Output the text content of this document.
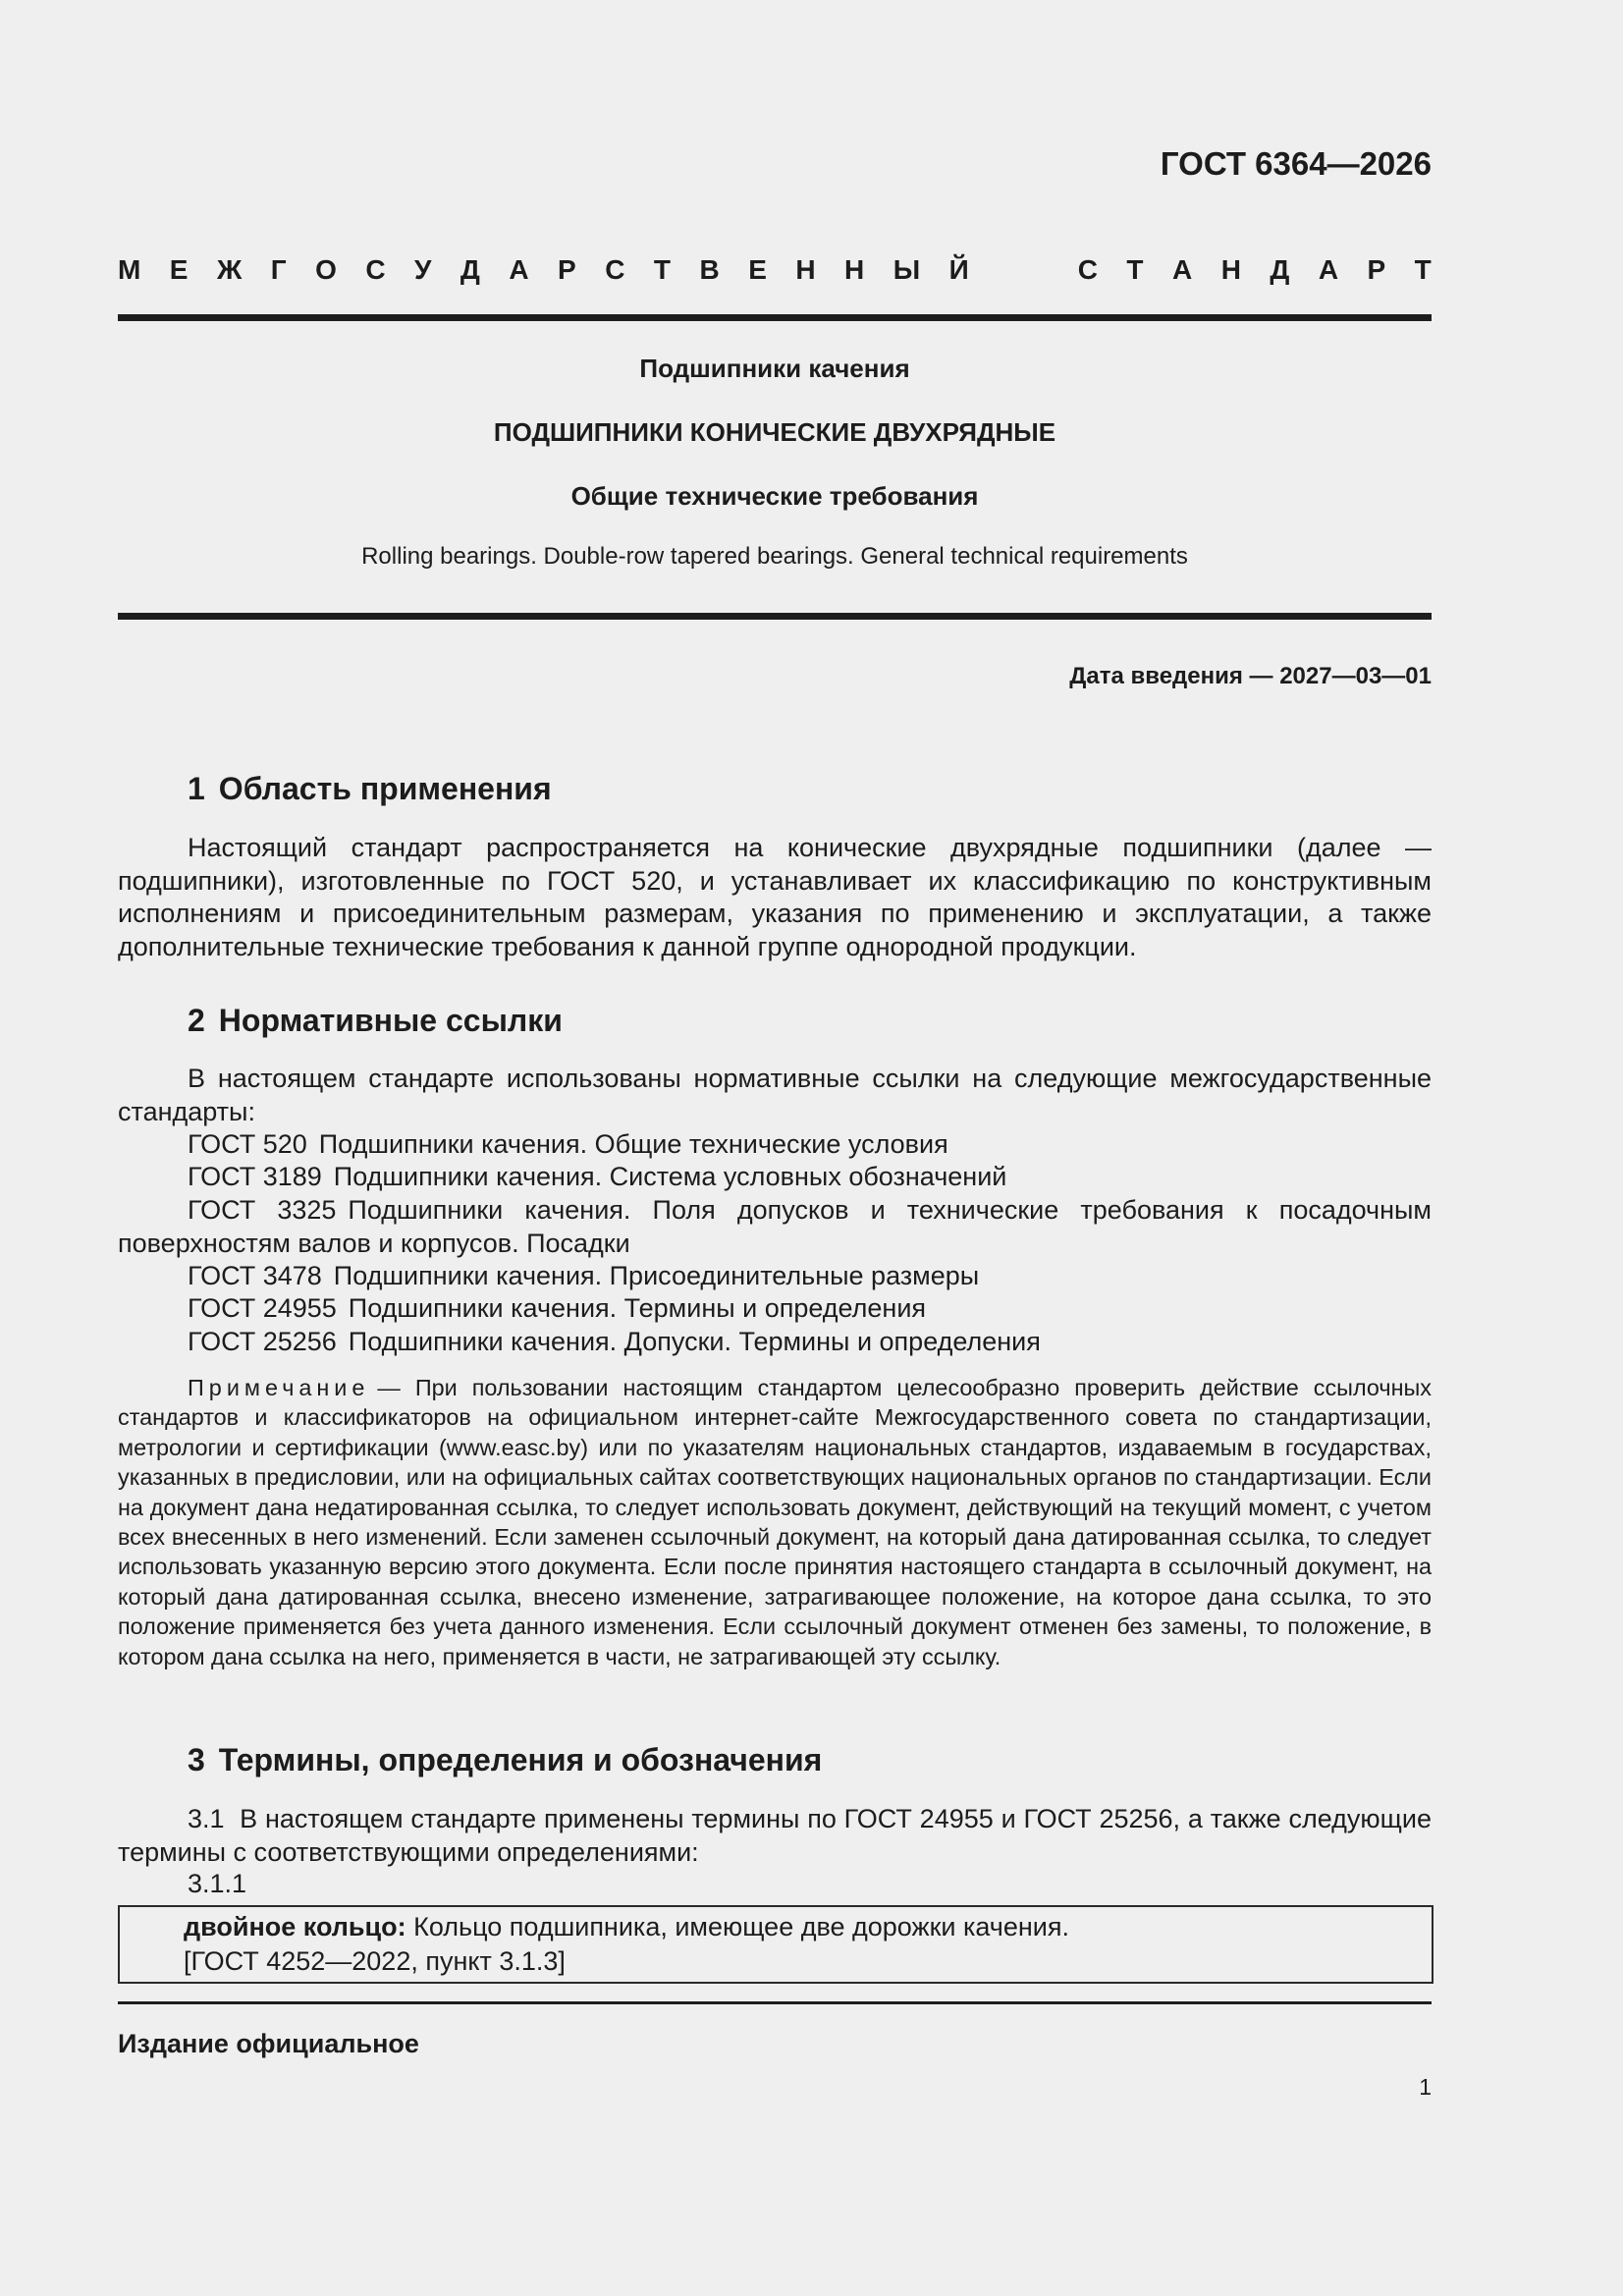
ГОСТ 6364—2026
М Е Ж Г О С У Д А Р С Т В Е Н Н Ы Й	С Т А Н Д А Р Т
Подшипники качения
ПОДШИПНИКИ КОНИЧЕСКИЕ ДВУХРЯДНЫЕ
Общие технические требования
Rolling bearings. Double-row tapered bearings. General technical requirements
Дата введения — 2027—03—01
1 Область применения
Настоящий стандарт распространяется на конические двухрядные подшипники (далее — подшипники), изготовленные по ГОСТ 520, и устанавливает их классификацию по конструктивным исполнениям и присоединительным размерам, указания по применению и эксплуатации, а также дополнительные технические требования к данной группе однородной продукции.
2 Нормативные ссылки
В настоящем стандарте использованы нормативные ссылки на следующие межгосударственные стандарты:
ГОСТ 520 Подшипники качения. Общие технические условия
ГОСТ 3189 Подшипники качения. Система условных обозначений
ГОСТ 3325 Подшипники качения. Поля допусков и технические требования к посадочным поверхностям валов и корпусов. Посадки
ГОСТ 3478 Подшипники качения. Присоединительные размеры
ГОСТ 24955 Подшипники качения. Термины и определения
ГОСТ 25256 Подшипники качения. Допуски. Термины и определения
Примечание — При пользовании настоящим стандартом целесообразно проверить действие ссылочных стандартов и классификаторов на официальном интернет-сайте Межгосударственного совета по стандартизации, метрологии и сертификации (www.easc.by) или по указателям национальных стандартов, издаваемым в государствах, указанных в предисловии, или на официальных сайтах соответствующих национальных органов по стандартизации. Если на документ дана недатированная ссылка, то следует использовать документ, действующий на текущий момент, с учетом всех внесенных в него изменений. Если заменен ссылочный документ, на который дана датированная ссылка, то следует использовать указанную версию этого документа. Если после принятия настоящего стандарта в ссылочный документ, на который дана датированная ссылка, внесено изменение, затрагивающее положение, на которое дана ссылка, то это положение применяется без учета данного изменения. Если ссылочный документ отменен без замены, то положение, в котором дана ссылка на него, применяется в части, не затрагивающей эту ссылку.
3 Термины, определения и обозначения
3.1 В настоящем стандарте применены термины по ГОСТ 24955 и ГОСТ 25256, а также следующие термины с соответствующими определениями:
3.1.1
двойное кольцо: Кольцо подшипника, имеющее две дорожки качения.
[ГОСТ 4252—2022, пункт 3.1.3]
Издание официальное
1
